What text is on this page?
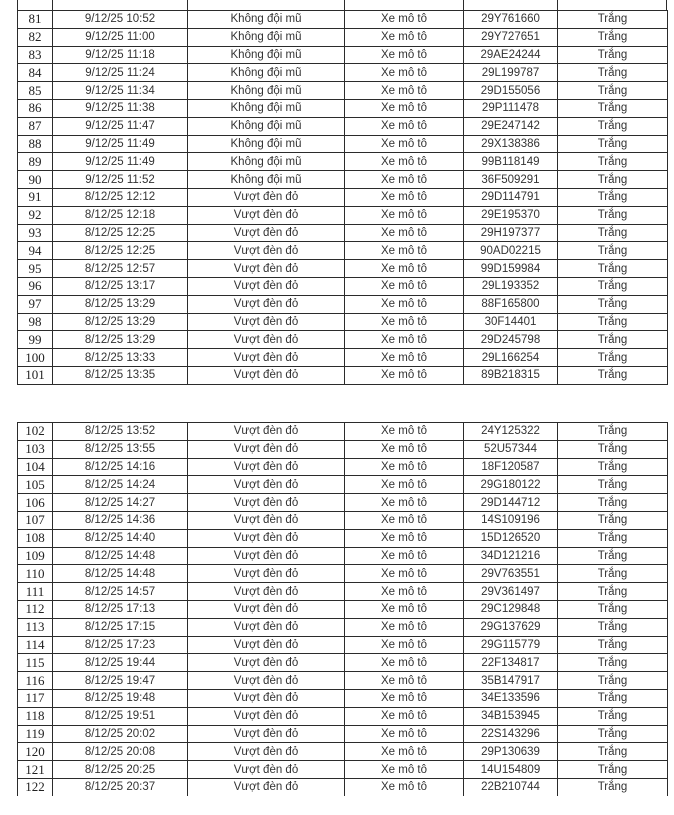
81	9/12/25 10:52	Không đội mũ	Xe mô tô	29Y761660	Trắng
82	9/12/25 11:00	Không đội mũ	Xe mô tô	29Y727651	Trắng
83	9/12/25 11:18	Không đội mũ	Xe mô tô	29AE24244	Trắng
84	9/12/25 11:24	Không đội mũ	Xe mô tô	29L199787	Trắng
85	9/12/25 11:34	Không đội mũ	Xe mô tô	29D155056	Trắng
86	9/12/25 11:38	Không đội mũ	Xe mô tô	29P111478	Trắng
87	9/12/25 11:47	Không đội mũ	Xe mô tô	29E247142	Trắng
88	9/12/25 11:49	Không đội mũ	Xe mô tô	29X138386	Trắng
89	9/12/25 11:49	Không đội mũ	Xe mô tô	99B118149	Trắng
90	9/12/25 11:52	Không đội mũ	Xe mô tô	36F509291	Trắng
91	8/12/25 12:12	Vượt đèn đỏ	Xe mô tô	29D114791	Trắng
92	8/12/25 12:18	Vượt đèn đỏ	Xe mô tô	29E195370	Trắng
93	8/12/25 12:25	Vượt đèn đỏ	Xe mô tô	29H197377	Trắng
94	8/12/25 12:25	Vượt đèn đỏ	Xe mô tô	90AD02215	Trắng
95	8/12/25 12:57	Vượt đèn đỏ	Xe mô tô	99D159984	Trắng
96	8/12/25 13:17	Vượt đèn đỏ	Xe mô tô	29L193352	Trắng
97	8/12/25 13:29	Vượt đèn đỏ	Xe mô tô	88F165800	Trắng
98	8/12/25 13:29	Vượt đèn đỏ	Xe mô tô	30F14401	Trắng
99	8/12/25 13:29	Vượt đèn đỏ	Xe mô tô	29D245798	Trắng
100	8/12/25 13:33	Vượt đèn đỏ	Xe mô tô	29L166254	Trắng
101	8/12/25 13:35	Vượt đèn đỏ	Xe mô tô	89B218315	Trắng
102	8/12/25 13:52	Vượt đèn đỏ	Xe mô tô	24Y125322	Trắng
103	8/12/25 13:55	Vượt đèn đỏ	Xe mô tô	52U57344	Trắng
104	8/12/25 14:16	Vượt đèn đỏ	Xe mô tô	18F120587	Trắng
105	8/12/25 14:24	Vượt đèn đỏ	Xe mô tô	29G180122	Trắng
106	8/12/25 14:27	Vượt đèn đỏ	Xe mô tô	29D144712	Trắng
107	8/12/25 14:36	Vượt đèn đỏ	Xe mô tô	14S109196	Trắng
108	8/12/25 14:40	Vượt đèn đỏ	Xe mô tô	15D126520	Trắng
109	8/12/25 14:48	Vượt đèn đỏ	Xe mô tô	34D121216	Trắng
110	8/12/25 14:48	Vượt đèn đỏ	Xe mô tô	29V763551	Trắng
111	8/12/25 14:57	Vượt đèn đỏ	Xe mô tô	29V361497	Trắng
112	8/12/25 17:13	Vượt đèn đỏ	Xe mô tô	29C129848	Trắng
113	8/12/25 17:15	Vượt đèn đỏ	Xe mô tô	29G137629	Trắng
114	8/12/25 17:23	Vượt đèn đỏ	Xe mô tô	29G115779	Trắng
115	8/12/25 19:44	Vượt đèn đỏ	Xe mô tô	22F134817	Trắng
116	8/12/25 19:47	Vượt đèn đỏ	Xe mô tô	35B147917	Trắng
117	8/12/25 19:48	Vượt đèn đỏ	Xe mô tô	34E133596	Trắng
118	8/12/25 19:51	Vượt đèn đỏ	Xe mô tô	34B153945	Trắng
119	8/12/25 20:02	Vượt đèn đỏ	Xe mô tô	22S143296	Trắng
120	8/12/25 20:08	Vượt đèn đỏ	Xe mô tô	29P130639	Trắng
121	8/12/25 20:25	Vượt đèn đỏ	Xe mô tô	14U154809	Trắng
122	8/12/25 20:37	Vượt đèn đỏ	Xe mô tô	22B210744	Trắng
